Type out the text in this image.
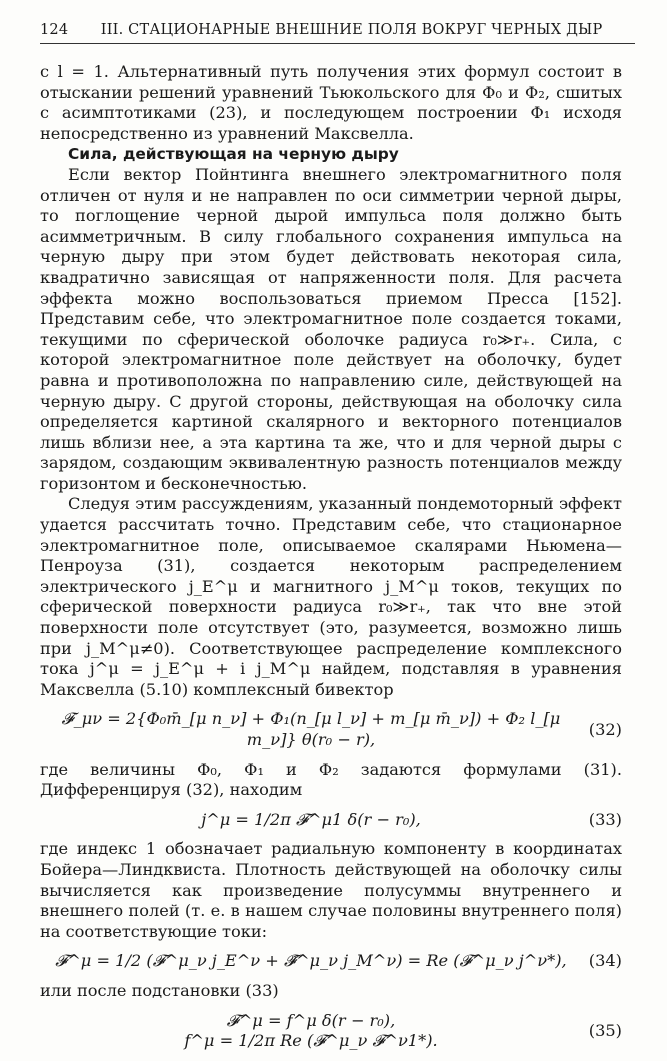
124	III. СТАЦИОНАРНЫЕ ВНЕШНИЕ ПОЛЯ ВОКРУГ ЧЕРНЫХ ДЫР

с l = 1. Альтернативный путь получения этих формул состоит в отыскании решений уравнений Тьюкольского для Φ₀ и Φ₂, сшитых с асимптотиками (23), и последующем построении Φ₁ исходя непосредственно из уравнений Максвелла.

Сила, действующая на черную дыру

Если вектор Пойнтинга внешнего электромагнитного поля отличен от нуля и не направлен по оси симметрии черной дыры, то поглощение черной дырой импульса поля должно быть асимметричным. В силу глобального сохранения импульса на черную дыру при этом будет действовать некоторая сила, квадратично зависящая от напряженности поля. Для расчета эффекта можно воспользоваться приемом Пресса [152]. Представим себе, что электромагнитное поле создается токами, текущими по сферической оболочке радиуса r₀≫r₊. Сила, с которой электромагнитное поле действует на оболочку, будет равна и противоположна по направлению силе, действующей на черную дыру. С другой стороны, действующая на оболочку сила определяется картиной скалярного и векторного потенциалов лишь вблизи нее, а эта картина та же, что и для черной дыры с зарядом, создающим эквивалентную разность потенциалов между горизонтом и бесконечностью.

Следуя этим рассуждениям, указанный пондемоторный эффект удается рассчитать точно. Представим себе, что стационарное электромагнитное поле, описываемое скалярами Ньюмена—Пенроуза (31), создается некоторым распределением электрического j_E^μ и магнитного j_M^μ токов, текущих по сферической поверхности радиуса r₀≫r₊, так что вне этой поверхности поле отсутствует (это, разумеется, возможно лишь при j_M^μ≠0). Соответствующее распределение комплексного тока j^μ = j_E^μ + i j_M^μ найдем, подставляя в уравнения Максвелла (5.10) комплексный бивектор

𝓕_μν = 2{Φ₀m̄_[μ n_ν] + Φ₁(n_[μ l_ν] + m_[μ m̄_ν]) + Φ₂ l_[μ m_ν]} θ(r₀ − r),
(32)

где величины Φ₀, Φ₁ и Φ₂ задаются формулами (31). Дифференцируя (32), находим

j^μ = 1/2π 𝓕^μ1 δ(r − r₀),	(33)

где индекс 1 обозначает радиальную компоненту в координатах Бойера—Линдквиста. Плотность действующей на оболочку силы вычисляется как произведение полусуммы внутреннего и внешнего полей (т. е. в нашем случае половины внутреннего поля) на соответствующие токи:

𝓕^μ = 1/2 (𝓕^μ_ν j_E^ν + 𝓕̃^μ_ν j_M^ν) = Re (𝓕^μ_ν j^ν*),	(34)

или после подстановки (33)

𝓕^μ = f^μ δ(r − r₀),
f^μ = 1/2π Re (𝓕^μ_ν 𝓕^ν1*).
(35)
